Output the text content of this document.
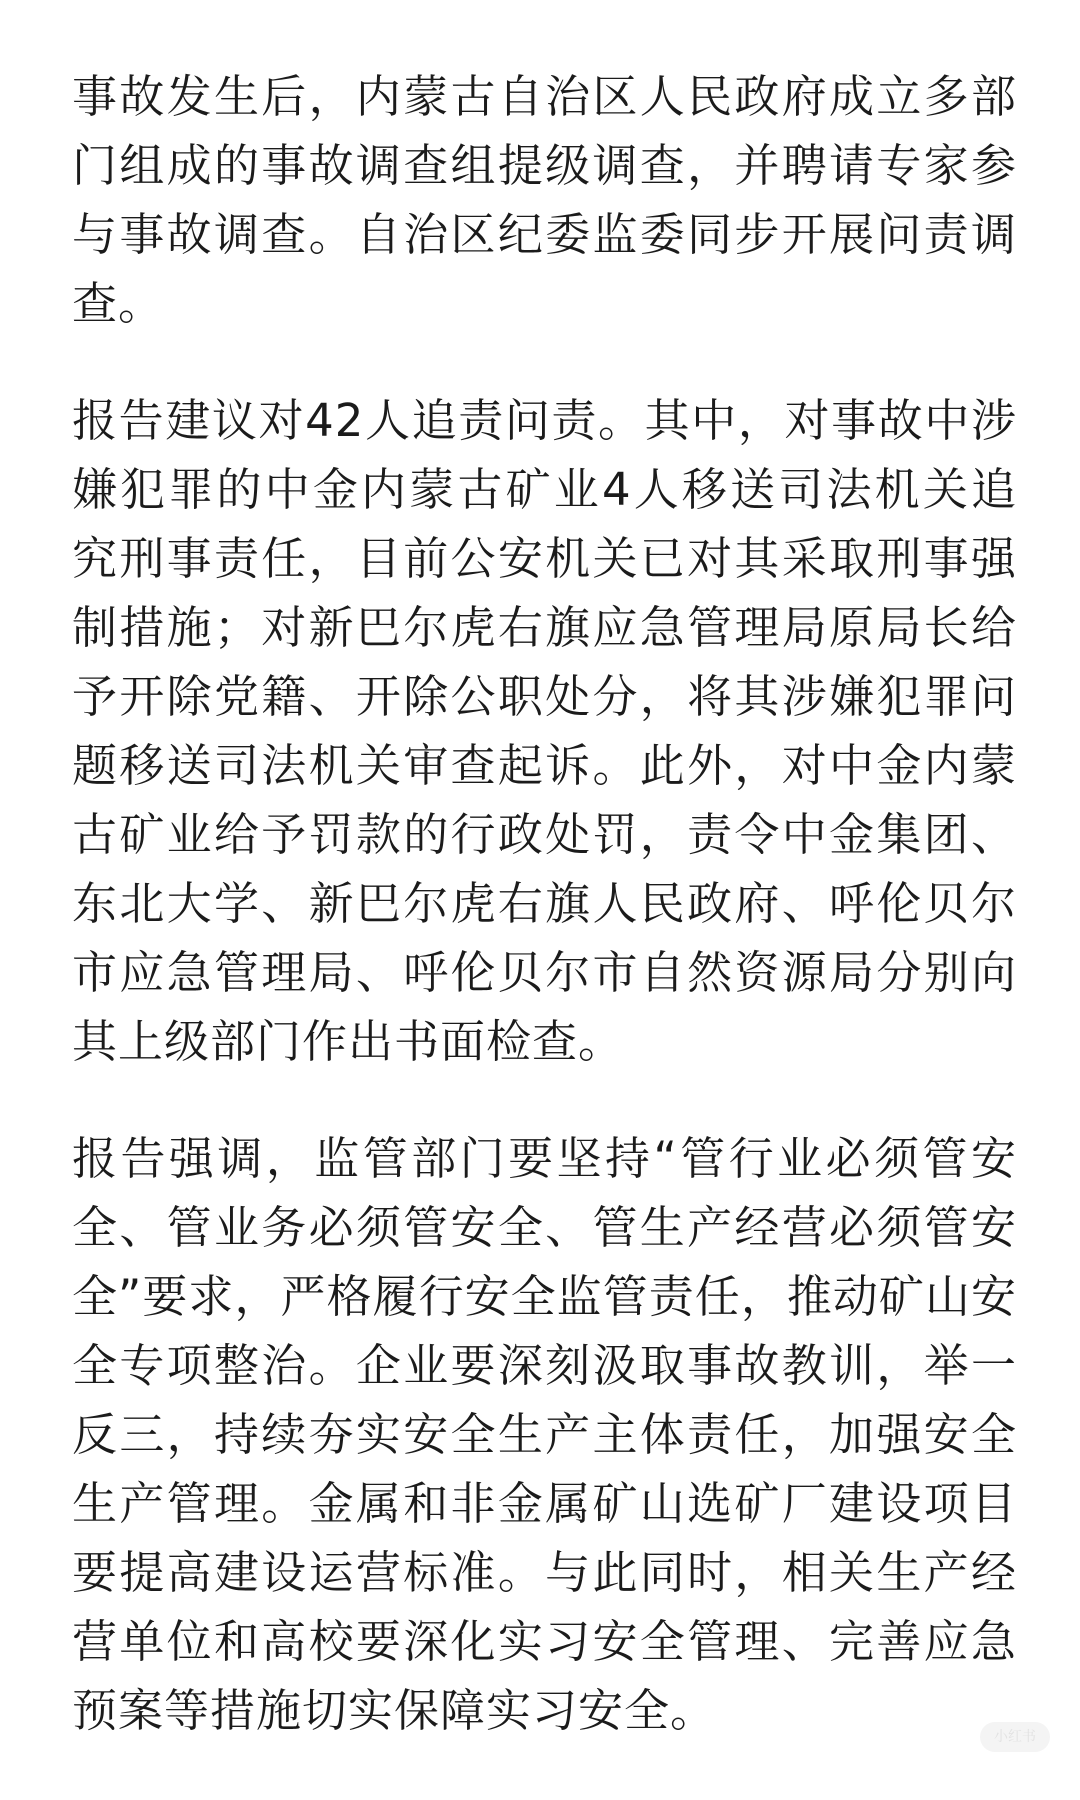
事故发生后，内蒙古自治区人民政府成立多部门组成的事故调查组提级调查，并聘请专家参与事故调查。自治区纪委监委同步开展问责调查。

报告建议对42人追责问责。其中，对事故中涉嫌犯罪的中金内蒙古矿业4人移送司法机关追究刑事责任，目前公安机关已对其采取刑事强制措施；对新巴尔虎右旗应急管理局原局长给予开除党籍、开除公职处分，将其涉嫌犯罪问题移送司法机关审查起诉。此外，对中金内蒙古矿业给予罚款的行政处罚，责令中金集团、东北大学、新巴尔虎右旗人民政府、呼伦贝尔市应急管理局、呼伦贝尔市自然资源局分别向其上级部门作出书面检查。

报告强调，监管部门要坚持“管行业必须管安全、管业务必须管安全、管生产经营必须管安全”要求，严格履行安全监管责任，推动矿山安全专项整治。企业要深刻汲取事故教训，举一反三，持续夯实安全生产主体责任，加强安全生产管理。金属和非金属矿山选矿厂建设项目要提高建设运营标准。与此同时，相关生产经营单位和高校要深化实习安全管理、完善应急预案等措施切实保障实习安全。	小红书
